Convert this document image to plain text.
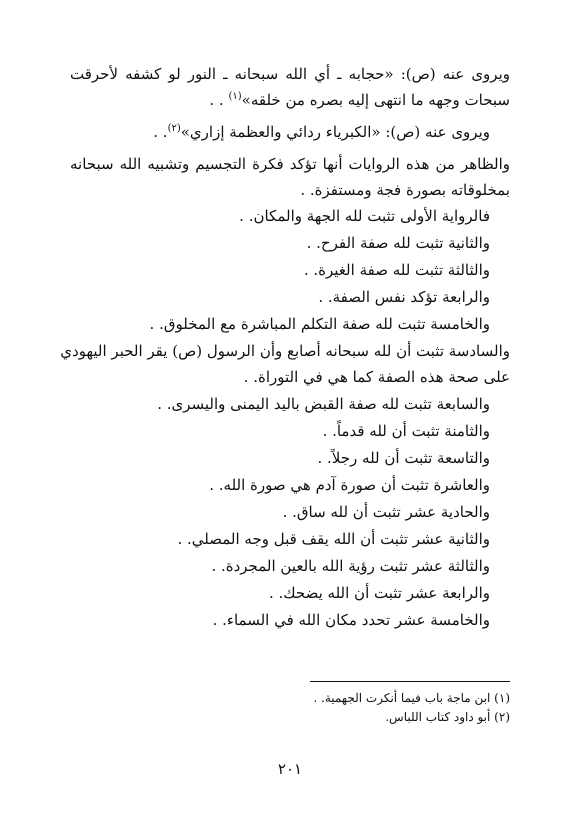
ويروى عنه (ص): «حجابه ـ أي الله سبحانه ـ النور لو كشفه لأحرقت
سبحات وجهه ما انتهى إليه بصره من خلقه»$^{(١)}$ . .
ويروى عنه (ص): «الكبرياء ردائي والعظمة إزاري»$^{(٢)}$. .
والظاهر من هذه الروايات أنها تؤكد فكرة التجسيم وتشبيه الله سبحانه
بمخلوقاته بصورة فجة ومستفزة. .
فالرواية الأولى تثبت لله الجهة والمكان. .
والثانية تثبت لله صفة الفرح. .
والثالثة تثبت لله صفة الغيرة. .
والرابعة تؤكد نفس الصفة. .
والخامسة تثبت لله صفة التكلم المباشرة مع المخلوق. .
والسادسة تثبت أن لله سبحانه أصابع وأن الرسول (ص) يقر الحبر اليهودي
على صحة هذه الصفة كما هي في التوراة. .
والسابعة تثبت لله صفة القبض باليد اليمنى واليسرى. .
والثامنة تثبت أن لله قدماً. .
والتاسعة تثبت أن لله رجلاً. .
والعاشرة تثبت أن صورة آدم هي صورة الله. .
والحادية عشر تثبت أن لله ساق. .
والثانية عشر تثبت أن الله يقف قبل وجه المصلي. .
والثالثة عشر تثبت رؤية الله بالعين المجردة. .
والرابعة عشر تثبت أن الله يضحك. .
والخامسة عشر تحدد مكان الله في السماء. .
(١) ابن ماجة باب فيما أنكرت الجهمية. .
(٢) أبو داود كتاب اللباس.
٢٠١
